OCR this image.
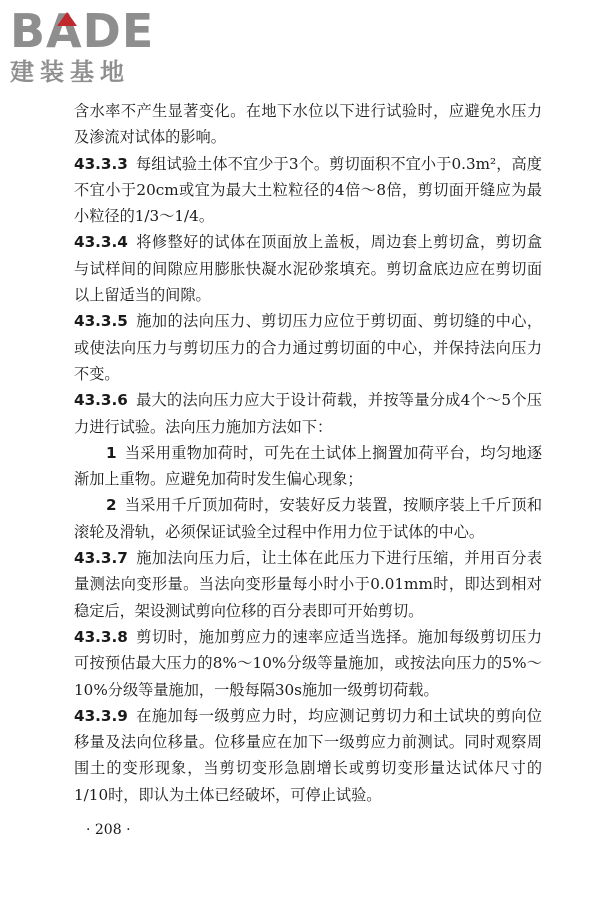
BADE
建装基地

含水率不产生显著变化。在地下水位以下进行试验时，应避免水压力及渗流对试体的影响。

43.3.3 每组试验土体不宜少于3个。剪切面积不宜小于0.3m²，高度不宜小于20cm或宜为最大土粒粒径的4倍～8倍，剪切面开缝应为最小粒径的1/3～1/4。

43.3.4 将修整好的试体在顶面放上盖板，周边套上剪切盒，剪切盒与试样间的间隙应用膨胀快凝水泥砂浆填充。剪切盒底边应在剪切面以上留适当的间隙。

43.3.5 施加的法向压力、剪切压力应位于剪切面、剪切缝的中心，或使法向压力与剪切压力的合力通过剪切面的中心，并保持法向压力不变。

43.3.6 最大的法向压力应大于设计荷载，并按等量分成4个～5个压力进行试验。法向压力施加方法如下：

1 当采用重物加荷时，可先在土试体上搁置加荷平台，均匀地逐渐加上重物。应避免加荷时发生偏心现象；

2 当采用千斤顶加荷时，安装好反力装置，按顺序装上千斤顶和滚轮及滑轨，必须保证试验全过程中作用力位于试体的中心。

43.3.7 施加法向压力后，让土体在此压力下进行压缩，并用百分表量测法向变形量。当法向变形量每小时小于0.01mm时，即达到相对稳定后，架设测试剪向位移的百分表即可开始剪切。

43.3.8 剪切时，施加剪应力的速率应适当选择。施加每级剪切压力可按预估最大压力的8%～10%分级等量施加，或按法向压力的5%～10%分级等量施加，一般每隔30s施加一级剪切荷载。

43.3.9 在施加每一级剪应力时，均应测记剪切力和土试块的剪向位移量及法向位移量。位移量应在加下一级剪应力前测试。同时观察周围土的变形现象，当剪切变形急剧增长或剪切变形量达试体尺寸的1/10时，即认为土体已经破坏，可停止试验。

· 208 ·
